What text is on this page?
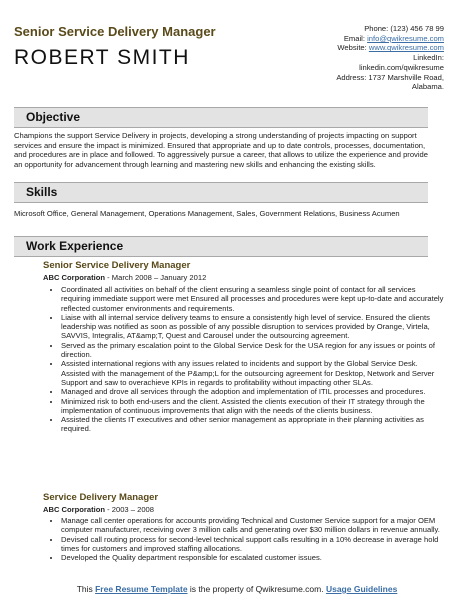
Senior Service Delivery Manager
ROBERT SMITH
Phone: (123) 456 78 99
Email: info@qwikresume.com
Website: www.qwikresume.com
LinkedIn:
linkedin.com/qwikresume
Address: 1737 Marshville Road,
Alabama.
Objective
Champions the support Service Delivery in projects, developing a strong understanding of projects impacting on support services and ensure the impact is minimized. Ensured that appropriate and up to date controls, processes, documentation, and procedures are in place and followed. To aggressively pursue a career, that allows to utilize the experience and provide an opportunity for advancement through learning and mastering new skills and enhancing the existing skills.
Skills
Microsoft Office, General Management, Operations Management, Sales, Government Relations, Business Acumen
Work Experience
Senior Service Delivery Manager
ABC Corporation - March 2008 – January 2012
• Coordinated all activities on behalf of the client ensuring a seamless single point of contact for all services requiring immediate support were met Ensured all processes and procedures were kept up-to-date and accurately reflected customer environments and requirements.
• Liaise with all internal service delivery teams to ensure a consistently high level of service. Ensured the clients leadership was notified as soon as possible of any possible disruption to services provided by Orange, Virtela, SAVVIS, Integralis, AT&amp;T, Quest and Carousel under the outsourcing agreement.
• Served as the primary escalation point to the Global Service Desk for the USA region for any issues or points of direction.
• Assisted international regions with any issues related to incidents and support by the Global Service Desk. Assisted with the management of the P&amp;L for the outsourcing agreement for Desktop, Network and Server Support and saw to overachieve KPIs in regards to profitability without impacting other SLAs.
• Managed and drove all services through the adoption and implementation of ITIL processes and procedures.
• Minimized risk to both end-users and the client. Assisted the clients execution of their IT strategy through the implementation of continuous improvements that align with the needs of the clients business.
• Assisted the clients IT executives and other senior management as appropriate in their planning activities as required.
Service Delivery Manager
ABC Corporation - 2003 – 2008
• Manage call center operations for accounts providing Technical and Customer Service support for a major OEM computer manufacturer, receiving over 3 million calls and generating over $30 million dollars in revenue annually.
• Devised call routing process for second-level technical support calls resulting in a 10% decrease in average hold times for customers and improved staffing allocations.
• Developed the Quality department responsible for escalated customer issues.
This Free Resume Template is the property of Qwikresume.com. Usage Guidelines
